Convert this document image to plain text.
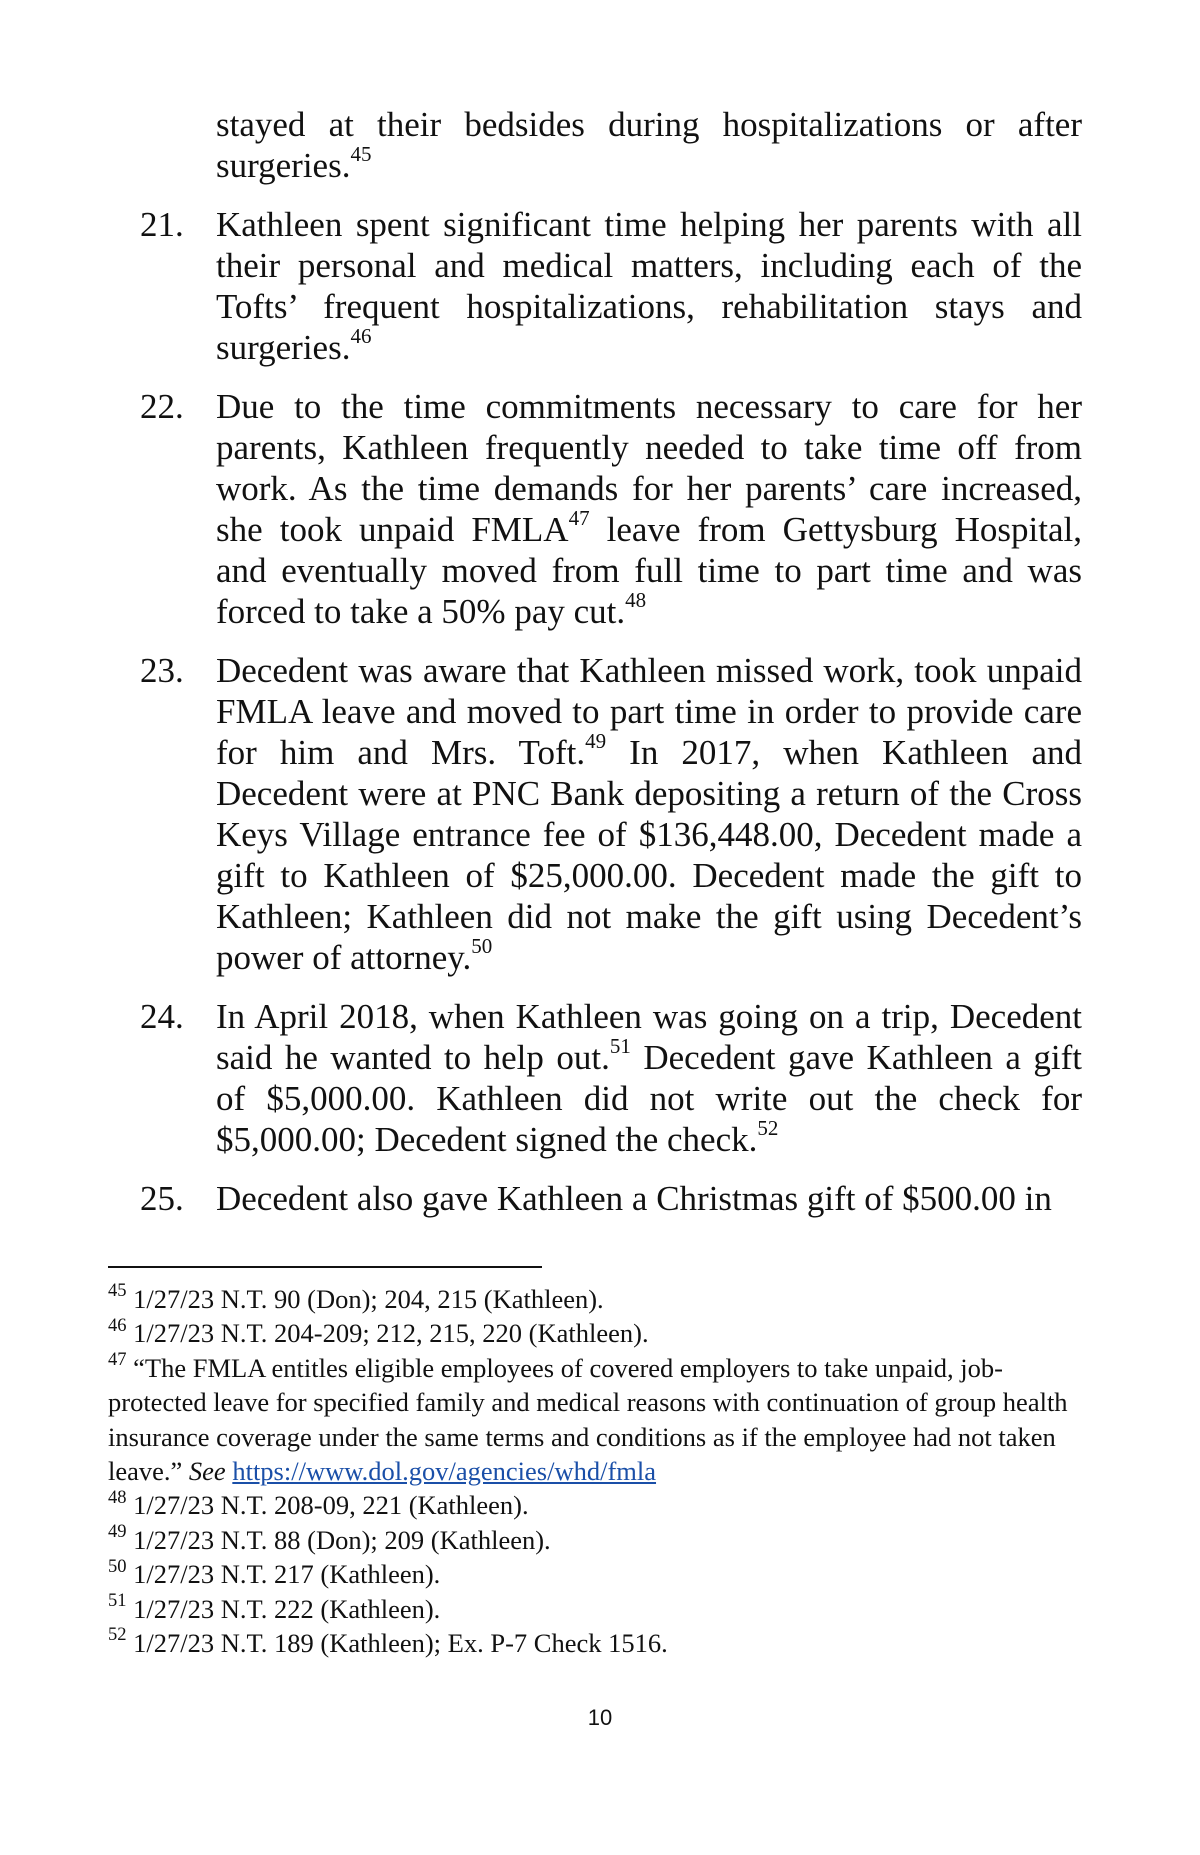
stayed at their bedsides during hospitalizations or after surgeries.$^{45}$
21. Kathleen spent significant time helping her parents with all their personal and medical matters, including each of the Tofts’ frequent hospitalizations, rehabilitation stays and surgeries.$^{46}$
22. Due to the time commitments necessary to care for her parents, Kathleen frequently needed to take time off from work. As the time demands for her parents’ care increased, she took unpaid FMLA$^{47}$ leave from Gettysburg Hospital, and eventually moved from full time to part time and was forced to take a 50% pay cut.$^{48}$
23. Decedent was aware that Kathleen missed work, took unpaid FMLA leave and moved to part time in order to provide care for him and Mrs. Toft.$^{49}$ In 2017, when Kathleen and Decedent were at PNC Bank depositing a return of the Cross Keys Village entrance fee of $136,448.00, Decedent made a gift to Kathleen of $25,000.00. Decedent made the gift to Kathleen; Kathleen did not make the gift using Decedent’s power of attorney.$^{50}$
24. In April 2018, when Kathleen was going on a trip, Decedent said he wanted to help out.$^{51}$ Decedent gave Kathleen a gift of $5,000.00. Kathleen did not write out the check for $5,000.00; Decedent signed the check.$^{52}$
25. Decedent also gave Kathleen a Christmas gift of $500.00 in
$^{45}$ 1/27/23 N.T. 90 (Don); 204, 215 (Kathleen).
$^{46}$ 1/27/23 N.T. 204-209; 212, 215, 220 (Kathleen).
$^{47}$ “The FMLA entitles eligible employees of covered employers to take unpaid, job-protected leave for specified family and medical reasons with continuation of group health insurance coverage under the same terms and conditions as if the employee had not taken leave.” See https://www.dol.gov/agencies/whd/fmla
$^{48}$ 1/27/23 N.T. 208-09, 221 (Kathleen).
$^{49}$ 1/27/23 N.T. 88 (Don); 209 (Kathleen).
$^{50}$ 1/27/23 N.T. 217 (Kathleen).
$^{51}$ 1/27/23 N.T. 222 (Kathleen).
$^{52}$ 1/27/23 N.T. 189 (Kathleen); Ex. P-7 Check 1516.
10
